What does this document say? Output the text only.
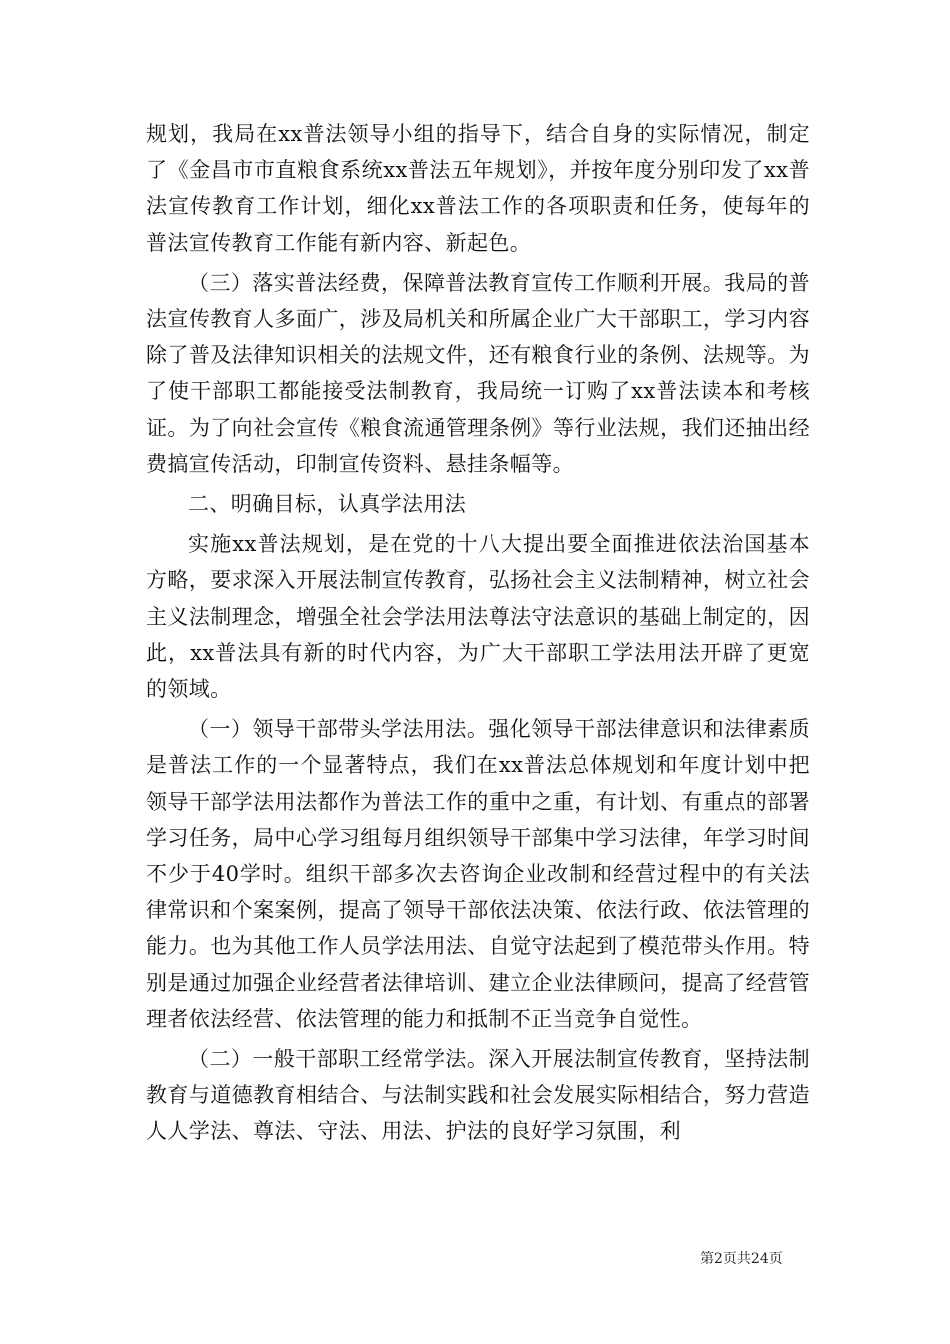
规划，我局在xx普法领导小组的指导下，结合自身的实际情况，制定了《金昌市市直粮食系统xx普法五年规划》，并按年度分别印发了xx普法宣传教育工作计划，细化xx普法工作的各项职责和任务，使每年的普法宣传教育工作能有新内容、新起色。

（三）落实普法经费，保障普法教育宣传工作顺利开展。我局的普法宣传教育人多面广，涉及局机关和所属企业广大干部职工，学习内容除了普及法律知识相关的法规文件，还有粮食行业的条例、法规等。为了使干部职工都能接受法制教育，我局统一订购了xx普法读本和考核证。为了向社会宣传《粮食流通管理条例》等行业法规，我们还抽出经费搞宣传活动，印制宣传资料、悬挂条幅等。

二、明确目标，认真学法用法

实施xx普法规划，是在党的十八大提出要全面推进依法治国基本方略，要求深入开展法制宣传教育，弘扬社会主义法制精神，树立社会主义法制理念，增强全社会学法用法尊法守法意识的基础上制定的，因此，xx普法具有新的时代内容，为广大干部职工学法用法开辟了更宽的领域。

（一）领导干部带头学法用法。强化领导干部法律意识和法律素质是普法工作的一个显著特点，我们在xx普法总体规划和年度计划中把领导干部学法用法都作为普法工作的重中之重，有计划、有重点的部署学习任务，局中心学习组每月组织领导干部集中学习法律，年学习时间不少于40学时。组织干部多次去咨询企业改制和经营过程中的有关法律常识和个案案例，提高了领导干部依法决策、依法行政、依法管理的能力。也为其他工作人员学法用法、自觉守法起到了模范带头作用。特别是通过加强企业经营者法律培训、建立企业法律顾问，提高了经营管理者依法经营、依法管理的能力和抵制不正当竞争自觉性。

（二）一般干部职工经常学法。深入开展法制宣传教育，坚持法制教育与道德教育相结合、与法制实践和社会发展实际相结合，努力营造人人学法、尊法、守法、用法、护法的良好学习氛围，利

第2页共24页
